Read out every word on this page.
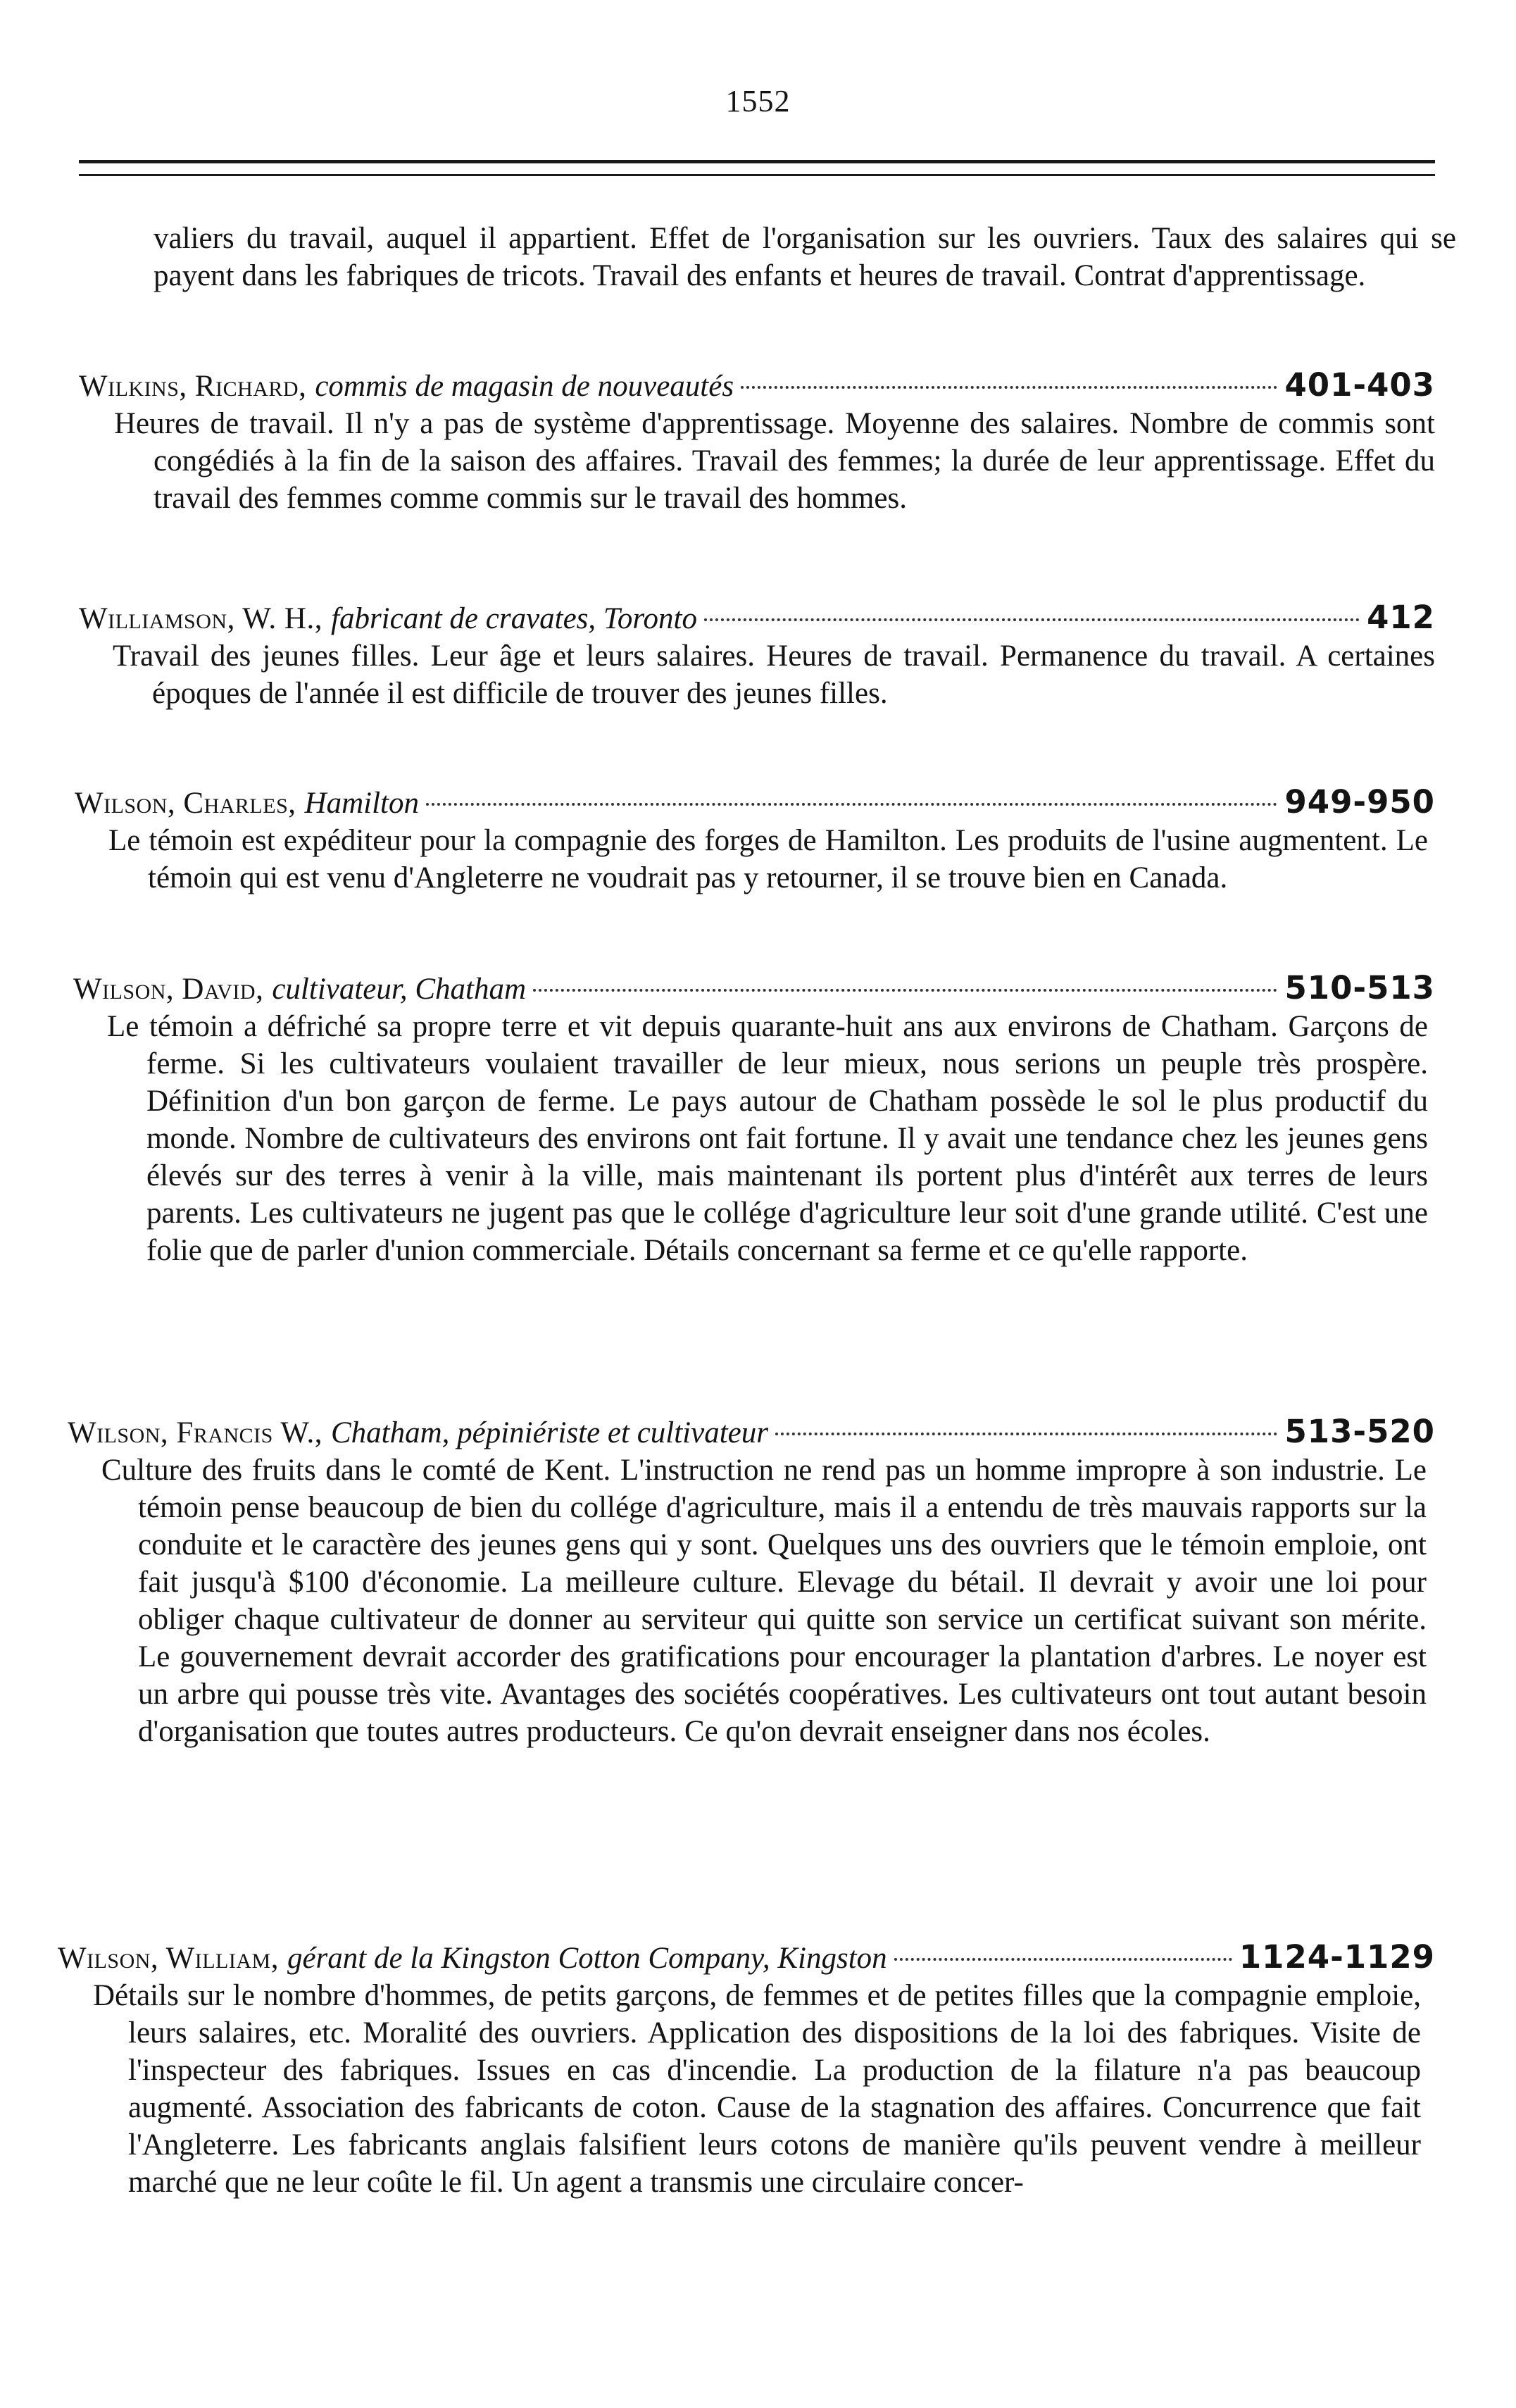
1552

valiers du travail, auquel il appartient. Effet de l'organisation sur les ouvriers. Taux des salaires qui se payent dans les fabriques de tricots. Travail des enfants et heures de travail. Contrat d'apprentissage.

Wilkins, Richard, commis de magasin de nouveautés	401-403
Heures de travail. Il n'y a pas de système d'apprentissage. Moyenne des salaires. Nombre de commis sont congédiés à la fin de la saison des affaires. Travail des femmes; la durée de leur apprentissage. Effet du travail des femmes comme commis sur le travail des hommes.
Williamson, W. H., fabricant de cravates, Toronto	412
Travail des jeunes filles. Leur âge et leurs salaires. Heures de travail. Permanence du travail. A certaines époques de l'année il est difficile de trouver des jeunes filles.
Wilson, Charles, Hamilton	949-950
Le témoin est expéditeur pour la compagnie des forges de Hamilton. Les produits de l'usine augmentent. Le témoin qui est venu d'Angleterre ne voudrait pas y retourner, il se trouve bien en Canada.
Wilson, David, cultivateur, Chatham	510-513
Le témoin a défriché sa propre terre et vit depuis quarante-huit ans aux environs de Chatham. Garçons de ferme. Si les cultivateurs voulaient travailler de leur mieux, nous serions un peuple très prospère. Définition d'un bon garçon de ferme. Le pays autour de Chatham possède le sol le plus productif du monde. Nombre de cultivateurs des environs ont fait fortune. Il y avait une tendance chez les jeunes gens élevés sur des terres à venir à la ville, mais maintenant ils portent plus d'intérêt aux terres de leurs parents. Les cultivateurs ne jugent pas que le collége d'agriculture leur soit d'une grande utilité. C'est une folie que de parler d'union commerciale. Détails concernant sa ferme et ce qu'elle rapporte.
Wilson, Francis W., Chatham, pépiniériste et cultivateur	513-520
Culture des fruits dans le comté de Kent. L'instruction ne rend pas un homme impropre à son industrie. Le témoin pense beaucoup de bien du collége d'agriculture, mais il a entendu de très mauvais rapports sur la conduite et le caractère des jeunes gens qui y sont. Quelques uns des ouvriers que le témoin emploie, ont fait jusqu'à $100 d'économie. La meilleure culture. Elevage du bétail. Il devrait y avoir une loi pour obliger chaque cultivateur de donner au serviteur qui quitte son service un certificat suivant son mérite. Le gouvernement devrait accorder des gratifications pour encourager la plantation d'arbres. Le noyer est un arbre qui pousse très vite. Avantages des sociétés coopératives. Les cultivateurs ont tout autant besoin d'organisation que toutes autres producteurs. Ce qu'on devrait enseigner dans nos écoles.
Wilson, William, gérant de la Kingston Cotton Company, Kingston	1124-1129
Détails sur le nombre d'hommes, de petits garçons, de femmes et de petites filles que la compagnie emploie, leurs salaires, etc. Moralité des ouvriers. Application des dispositions de la loi des fabriques. Visite de l'inspecteur des fabriques. Issues en cas d'incendie. La production de la filature n'a pas beaucoup augmenté. Association des fabricants de coton. Cause de la stagnation des affaires. Concurrence que fait l'Angleterre. Les fabricants anglais falsifient leurs cotons de manière qu'ils peuvent vendre à meilleur marché que ne leur coûte le fil. Un agent a transmis une circulaire concer-
